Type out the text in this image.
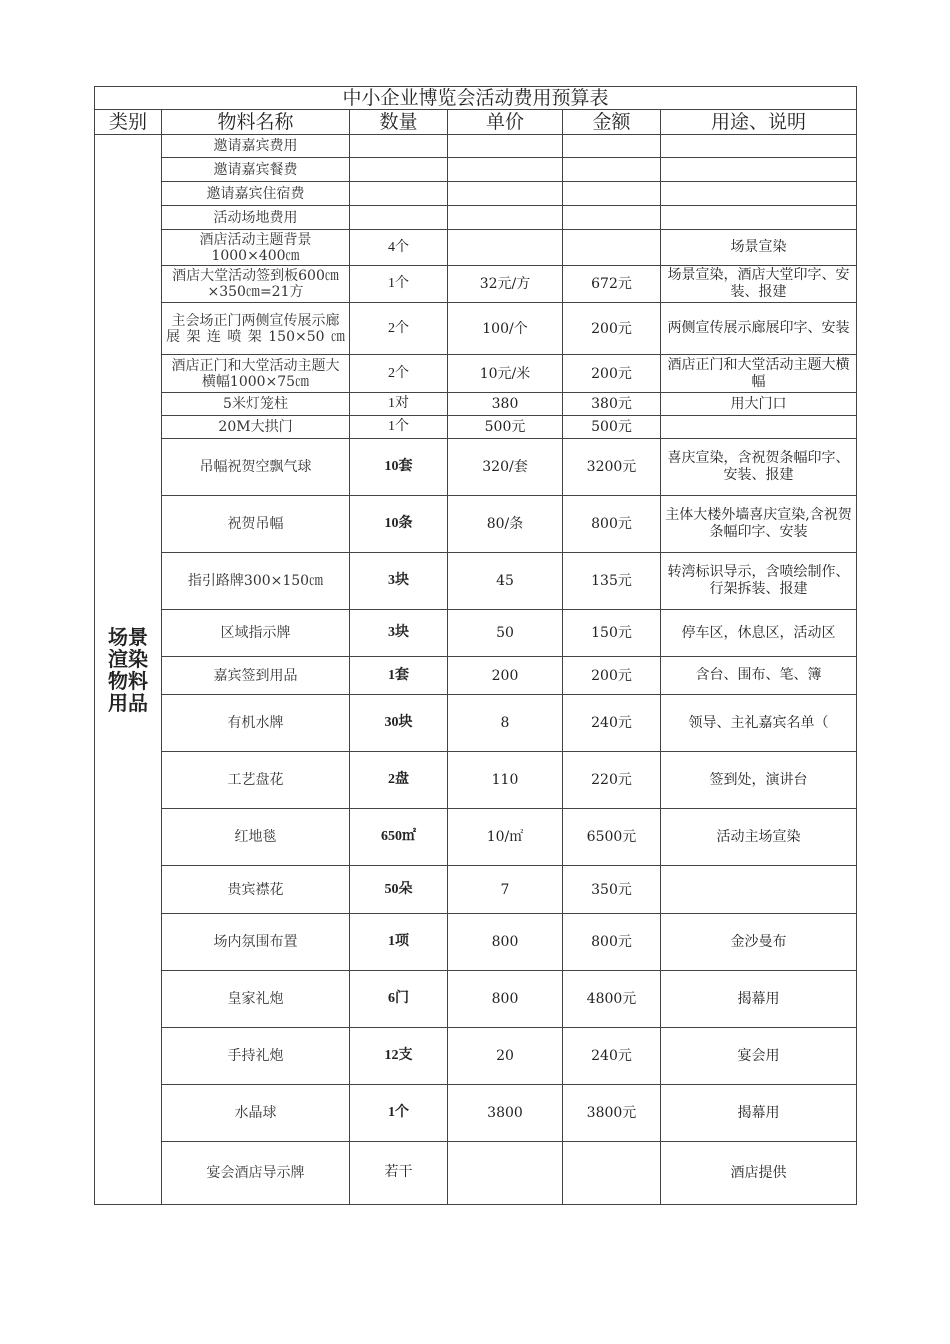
中小企业博览会活动费用预算表					
类别	物料名称	数量	单价	金额	用途、说明
场景渲染物料用品	邀请嘉宾费用				
	邀请嘉宾餐费				
	邀请嘉宾住宿费				
	活动场地费用				
	酒店活动主题背景1000×400㎝	4个			场景宣染
	酒店大堂活动签到板600㎝×350㎝=21方	1个	32元/方	672元	场景宣染，酒店大堂印字、安装、报建
	主会场正门两侧宣传展示廊展架连喷架150×50㎝	2个	100/个	200元	两侧宣传展示廊展印字、安装
	酒店正门和大堂活动主题大横幅1000×75㎝	2个	10元/米	200元	酒店正门和大堂活动主题大横幅
	5米灯笼柱	1对	380	380元	用大门口
	20M大拱门	1个	500元	500元	
	吊幅祝贺空飘气球	10套	320/套	3200元	喜庆宣染，含祝贺条幅印字、安装、报建
	祝贺吊幅	10条	80/条	800元	主体大楼外墙喜庆宣染,含祝贺条幅印字、安装
	指引路牌300×150㎝	3块	45	135元	转湾标识导示，含喷绘制作、行架拆装、报建
	区域指示牌	3块	50	150元	停车区，休息区，活动区
	嘉宾签到用品	1套	200	200元	含台、围布、笔、簿
	有机水牌	30块	8	240元	领导、主礼嘉宾名单（
	工艺盘花	2盘	110	220元	签到处，演讲台
	红地毯	650㎡	10/㎡	6500元	活动主场宣染
	贵宾襟花	50朵	7	350元	
	场内氛围布置	1项	800	800元	金沙曼布
	皇家礼炮	6门	800	4800元	揭幕用
	手持礼炮	12支	20	240元	宴会用
	水晶球	1个	3800	3800元	揭幕用
	宴会酒店导示牌	若干			酒店提供
